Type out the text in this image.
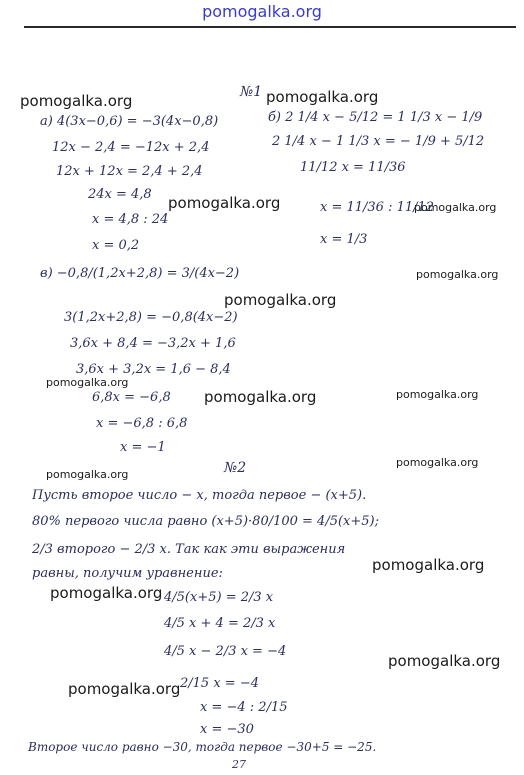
pomogalka.org
pomogalka.org	pomogalka.org
pomogalka.org	pomogalka.org
pomogalka.org
pomogalka.org
pomogalka.org
pomogalka.org	pomogalka.org
pomogalka.org
pomogalka.org
pomogalka.org
pomogalka.org
pomogalka.org
pomogalka.org
№1
а) 4(3x−0,6) = −3(4x−0,8)
12x − 2,4 = −12x + 2,4
12x + 12x = 2,4 + 2,4
24x = 4,8
x = 4,8 : 24
x = 0,2
б) 2 1/4 x − 5/12 = 1 1/3 x − 1/9
2 1/4 x − 1 1/3 x = − 1/9 + 5/12
11/12 x = 11/36
x = 11/36 : 11/12
x = 1/3
в) −0,8/(1,2x+2,8) = 3/(4x−2)
3(1,2x+2,8) = −0,8(4x−2)
3,6x + 8,4 = −3,2x + 1,6
3,6x + 3,2x = 1,6 − 8,4
6,8x = −6,8
x = −6,8 : 6,8
x = −1
№2
Пусть второе число − x, тогда первое − (x+5).
80% первого числа равно (x+5)·80/100 = 4/5(x+5);
2/3 второго − 2/3 x. Так как эти выражения
равны, получим уравнение:
4/5(x+5) = 2/3 x
4/5 x + 4 = 2/3 x
4/5 x − 2/3 x = −4
2/15 x = −4
x = −4 : 2/15
x = −30
Второе число равно −30, тогда первое −30+5 = −25.
27
